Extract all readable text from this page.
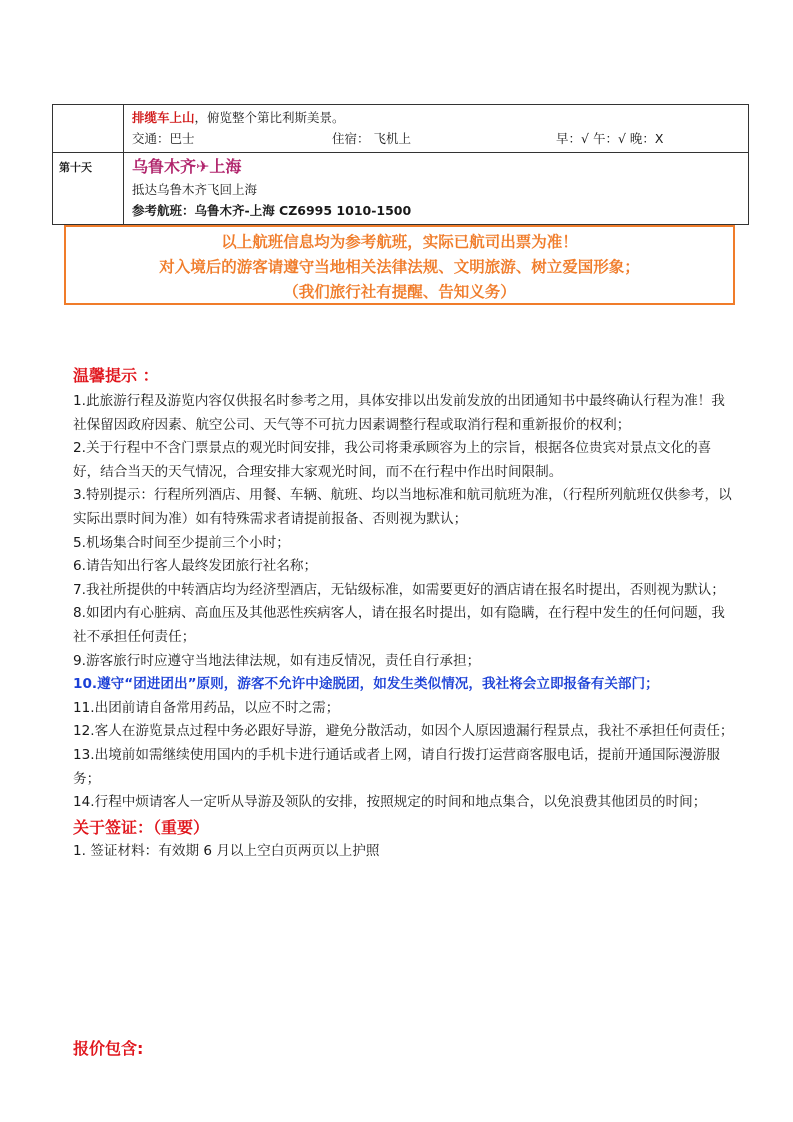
	排缆车上山，俯览整个第比利斯美景。
交通：巴士 住宿： 飞机上 早：√ 午：√ 晚：X

第十天	乌鲁木齐✈上海
抵达乌鲁木齐飞回上海
参考航班：乌鲁木齐-上海 CZ6995 1010-1500
以上航班信息均为参考航班，实际已航司出票为准！
对入境后的游客请遵守当地相关法律法规、文明旅游、树立爱国形象；
（我们旅行社有提醒、告知义务）
温馨提示 ：

1.此旅游行程及游览内容仅供报名时参考之用，具体安排以出发前发放的出团通知书中最终确认行程为准！我社保留因政府因素、航空公司、天气等不可抗力因素调整行程或取消行程和重新报价的权利；

2.关于行程中不含门票景点的观光时间安排，我公司将秉承顾容为上的宗旨，根据各位贵宾对景点文化的喜好，结合当天的天气情况，合理安排大家观光时间，而不在行程中作出时间限制。

3.特别提示：行程所列酒店、用餐、车辆、航班、均以当地标准和航司航班为准，（行程所列航班仅供参考，以实际出票时间为准）如有特殊需求者请提前报备、否则视为默认；

5.机场集合时间至少提前三个小时；

6.请告知出行客人最终发团旅行社名称；

7.我社所提供的中转酒店均为经济型酒店，无钻级标准，如需要更好的酒店请在报名时提出，否则视为默认；

8.如团内有心脏病、高血压及其他恶性疾病客人，请在报名时提出，如有隐瞒，在行程中发生的任何问题，我社不承担任何责任；

9.游客旅行时应遵守当地法律法规，如有违反情况，责任自行承担；

10.遵守“团进团出”原则，游客不允许中途脱团，如发生类似情况，我社将会立即报备有关部门；

11.出团前请自备常用药品，以应不时之需；

12.客人在游览景点过程中务必跟好导游，避免分散活动，如因个人原因遗漏行程景点，我社不承担任何责任；

13.出境前如需继续使用国内的手机卡进行通话或者上网，请自行拨打运营商客服电话，提前开通国际漫游服务；

14.行程中烦请客人一定听从导游及领队的安排，按照规定的时间和地点集合，以免浪费其他团员的时间；

关于签证：（重要）

1. 签证材料：有效期 6 月以上空白页两页以上护照

报价包含:
